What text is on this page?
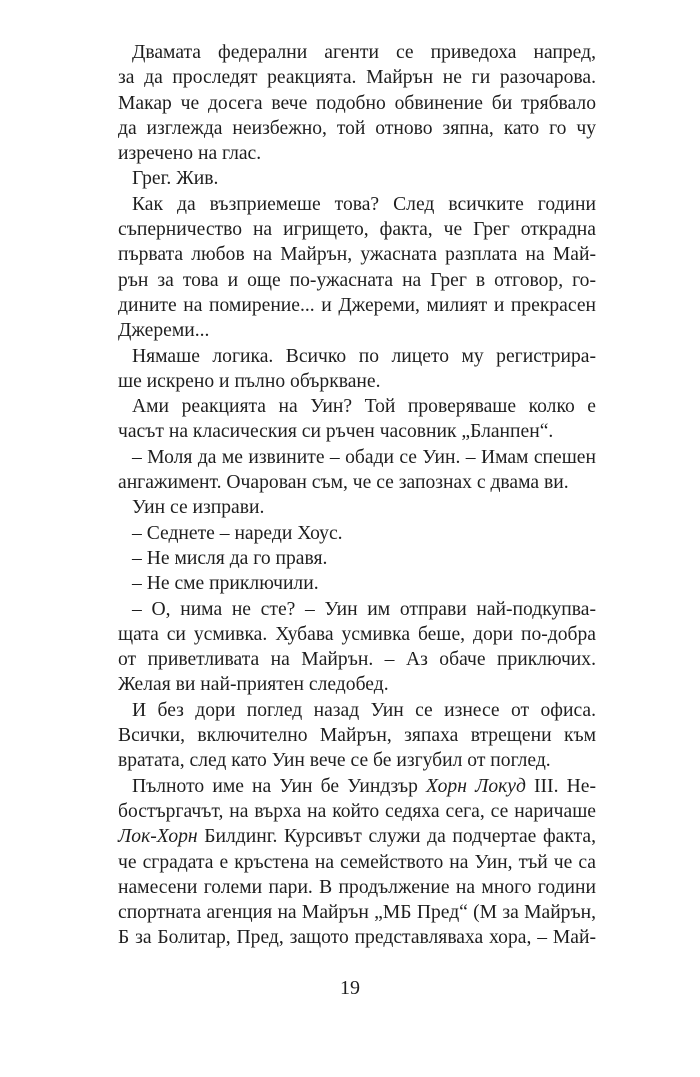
Двамата федерални агенти се приведоха напред,
за да проследят реакцията. Майрън не ги разочарова.
Макар че досега вече подобно обвинение би трябвало
да изглежда неизбежно, той отново зяпна, като го чу
изречено на глас.
Грег. Жив.
Как да възприемеше това? След всичките години
съперничество на игрището, факта, че Грег открадна
първата любов на Майрън, ужасната разплата на Май-
рън за това и още по-ужасната на Грег в отговор, го-
дините на помирение... и Джереми, милият и прекрасен
Джереми...
Нямаше логика. Всичко по лицето му регистрира-
ше искрено и пълно объркване.
Ами реакцията на Уин? Той проверяваше колко е
часът на класическия си ръчен часовник „Бланпен“.
– Моля да ме извините – обади се Уин. – Имам спешен
ангажимент. Очарован съм, че се запознах с двама ви.
Уин се изправи.
– Седнете – нареди Хоус.
– Не мисля да го правя.
– Не сме приключили.
– О, нима не сте? – Уин им отправи най-подкупва-
щата си усмивка. Хубава усмивка беше, дори по-добра
от приветливата на Майрън. – Аз обаче приключих.
Желая ви най-приятен следобед.
И без дори поглед назад Уин се изнесе от офиса.
Всички, включително Майрън, зяпаха втрещени към
вратата, след като Уин вече се бе изгубил от поглед.
Пълното име на Уин бе Уиндзър Хорн Локуд III. Не-
бостъргачът, на върха на който седяха сега, се наричаше
Лок-Хорн Билдинг. Курсивът служи да подчертае факта,
че сградата е кръстена на семейството на Уин, тъй че са
намесени големи пари. В продължение на много години
спортната агенция на Майрън „МБ Пред“ (М за Майрън,
Б за Болитар, Пред, защото представляваха хора, – Май-
19
